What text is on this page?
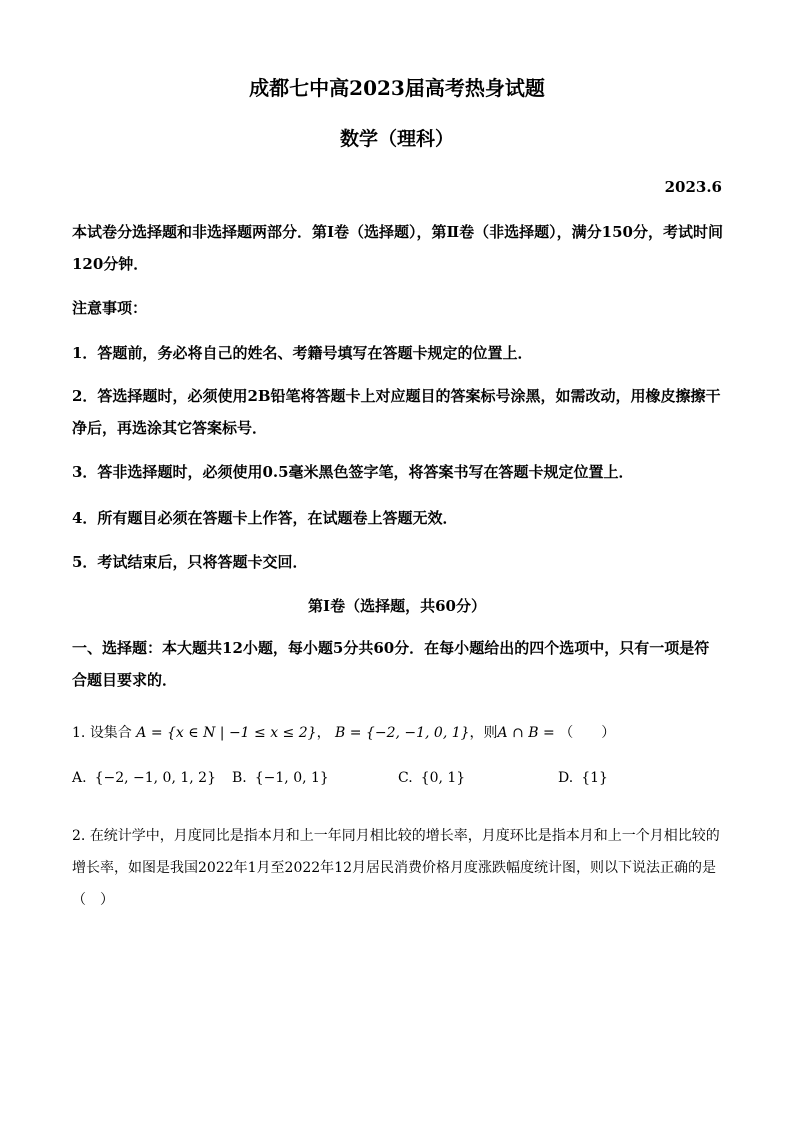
成都七中高2023届高考热身试题
数学（理科）
2023.6

本试卷分选择题和非选择题两部分．第Ⅰ卷（选择题），第Ⅱ卷（非选择题），满分150分，考试时间120分钟．

注意事项：

1．答题前，务必将自己的姓名、考籍号填写在答题卡规定的位置上．

2．答选择题时，必须使用2B铅笔将答题卡上对应题目的答案标号涂黑，如需改动，用橡皮擦擦干净后，再选涂其它答案标号．

3．答非选择题时，必须使用0.5毫米黑色签字笔，将答案书写在答题卡规定位置上．

4．所有题目必须在答题卡上作答，在试题卷上答题无效．

5．考试结束后，只将答题卡交回．

第Ⅰ卷（选择题，共60分）

一、选择题：本大题共12小题，每小题5分共60分．在每小题给出的四个选项中，只有一项是符合题目要求的．

1. 设集合 A = {x ∈ N | −1 ≤ x ≤ 2}， B = {−2, −1, 0, 1}，则A ∩ B = （　　）
A. {−2, −1, 0, 1, 2} B. {−1, 0, 1}	C. {0, 1}	D. {1}
2. 在统计学中，月度同比是指本月和上一年同月相比较的增长率，月度环比是指本月和上一个月相比较的增长率，如图是我国2022年1月至2022年12月居民消费价格月度涨跌幅度统计图，则以下说法正确的是（　）
